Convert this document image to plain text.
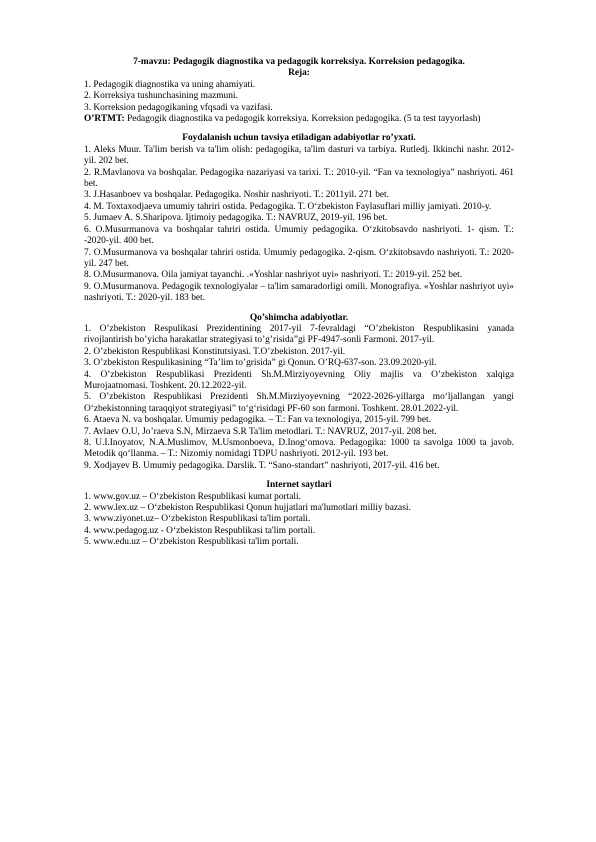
7-mavzu: Pedagogik diagnostika va pedagogik korreksiya. Korreksion pedagogika.

Reja:

1. Pedagogik diagnostika va uning ahamiyati.

2. Korreksiya tushunchasining mazmuni.

3. Korreksion pedagogikaning vfqsadi va vazifasi.

O’RTMT: Pedagogik diagnostika va pedagogik korreksiya. Korreksion pedagogika. (5 ta test tayyorlash)

Foydalanish uchun tavsiya etiladigan adabiyotlar ro’yxati.

1. Aleks Muur. Ta'lim berish va ta'lim olish: pedagogika, ta'lim dasturi va tarbiya. Rutledj. Ikkinchi nashr. 2012-yil. 202 bet.

2. R.Mavlanova va boshqalar. Pedagogika nazariyasi va tarixi. T.: 2010-yil. “Fan va texnologiya” nashriyoti. 461 bet.

3. J.Hasanboev va boshqalar. Pedagogika. Noshir nashriyoti. T.: 2011yil. 271 bet.

4. M. Toxtaxodjaeva umumiy tahriri ostida. Pedagogika. T. O‘zbekiston Faylasuflari milliy jamiyati. 2010-y.

5. Jumaev A. S.Sharipova. Ijtimoiy pedagogika. T.: NAVRUZ, 2019-yil. 196 bet.

6. O.Musurmanova va boshqalar tahriri ostida. Umumiy pedagogika. O‘zkitobsavdo nashriyoti. 1- qism. T.: -2020-yil. 400 bet.

7. O.Musurmanova va boshqalar tahriri ostida. Umumiy pedagogika. 2-qism. O‘zkitobsavdo nashriyoti. T.: 2020-yil. 247 bet.

8. O.Musurmanova. Oila jamiyat tayanchi. .«Yoshlar nashriyot uyi» nashriyoti. T.: 2019-yil. 252 bet.

9. O.Musurmanova. Pedagogik texnologiyalar – ta'lim samaradorligi omili. Monografiya. «Yoshlar nashriyot uyi» nashriyoti. T.: 2020-yil. 183 bet.

Qo’shimcha adabiyotlar.

1. O’zbekiston Respulikasi Prezidentining 2017-yil 7-fevraldagi “O’zbekiston Respublikasini yanada rivojlantirish bo’yicha harakatlar strategiyasi to’g’risida”gi PF-4947-sonli Farmoni. 2017-yil.

2. O’zbekiston Respublikasi Konstitutsiyasi. T.O’zbekiston. 2017-yil.

3. O’zbekiston Respulikasining “Ta’lim to’grisida” gi Qonun. O’RQ-637-son. 23.09.2020-yil.

4. O’zbekiston Respublikasi Prezidenti Sh.M.Mirziyoyevning Oliy majlis va O’zbekiston xalqiga Murojaatnomasi. Toshkent. 20.12.2022-yil.

5. O’zbekiston Respublikasi Prezidenti Sh.M.Mirziyoyevning “2022-2026-yillarga mo‘ljallangan yangi O‘zbekistonning taraqqiyot strategiyasi” to‘g‘risidagi PF-60 son farmoni. Toshkent. 28.01.2022-yil.

6. Ataeva N. va boshqalar. Umumiy pedagogika. – T.: Fan va texnologiya, 2015-yil. 799 bet.

7. Avlaev O.U, Jo’raeva S.N, Mirzaeva S.R Ta'lim metodlari. T.: NAVRUZ, 2017-yil. 208 bet.

8. U.I.Inoyatov, N.A.Muslimov, M.Usmonboeva, D.Inog‘omova. Pedagogika: 1000 ta savolga 1000 ta javob. Metodik qo‘llanma. – T.: Nizomiy nomidagi TDPU nashriyoti. 2012-yil. 193 bet.

9. Xodjayev B. Umumiy pedagogika. Darslik. T. “Sano-standart” nashriyoti, 2017-yil. 416 bet.

Internet saytlari

1. www.gov.uz – O‘zbekiston Respublikasi kumat portali.

2. www.lex.uz – O‘zbekiston Respublikasi Qonun hujjatlari ma'lumotlari milliy bazasi.

3. www.ziyonet.uz– O‘zbekiston Respublikasi ta'lim portali.

4. www.pedagog.uz - O‘zbekiston Respublikasi ta'lim portali.

5. www.edu.uz – O‘zbekiston Respublikasi ta'lim portali.
